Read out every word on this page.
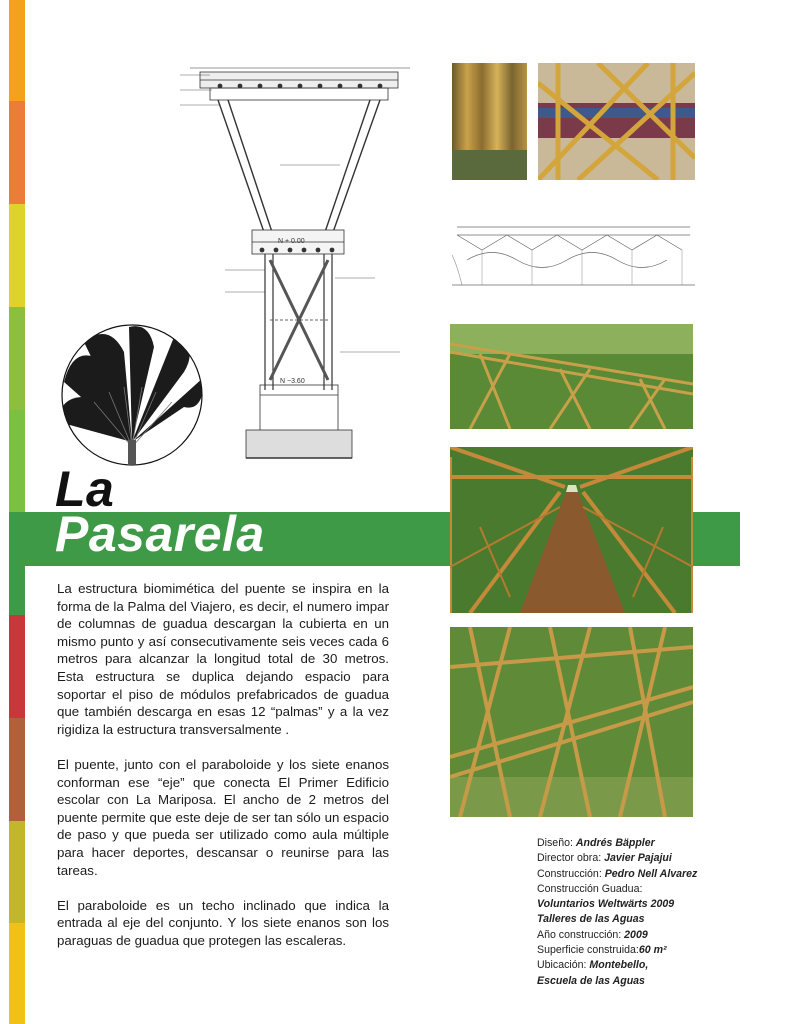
N + 0.00
N −3.60
La
Pasarela

La estructura biomimética del puente se inspira en la forma de la Palma del Viajero, es decir, el numero impar de columnas de guadua descargan la cubierta en un mismo punto y así consecutivamente seis veces cada 6 metros para alcanzar la longitud total de 30 metros. Esta estructura se duplica dejando espacio para soportar el piso de módulos prefabricados de guadua que también descarga en esas 12 “palmas” y a la vez rigidiza la estructura transversalmente .

El puente, junto con el paraboloide y los siete enanos conforman ese “eje” que conecta El Primer Edificio escolar con La Mariposa. El ancho de 2 metros del puente permite que este deje de ser tan sólo un espacio de paso y que pueda ser utilizado como aula múltiple para hacer deportes, descansar o reunirse para las tareas.

El paraboloide es un techo inclinado que indica la entrada al eje del conjunto. Y los siete enanos son los paraguas de guadua que protegen las escaleras.

Diseño: Andrés Bäppler
Director obra: Javier Pajajui
Construcción: Pedro Nell Alvarez
Construcción Guadua:
Voluntarios Weltwärts 2009
Talleres de las Aguas
Año construcción: 2009
Superficie construida:60 m²
Ubicación: Montebello,
Escuela de las Aguas
